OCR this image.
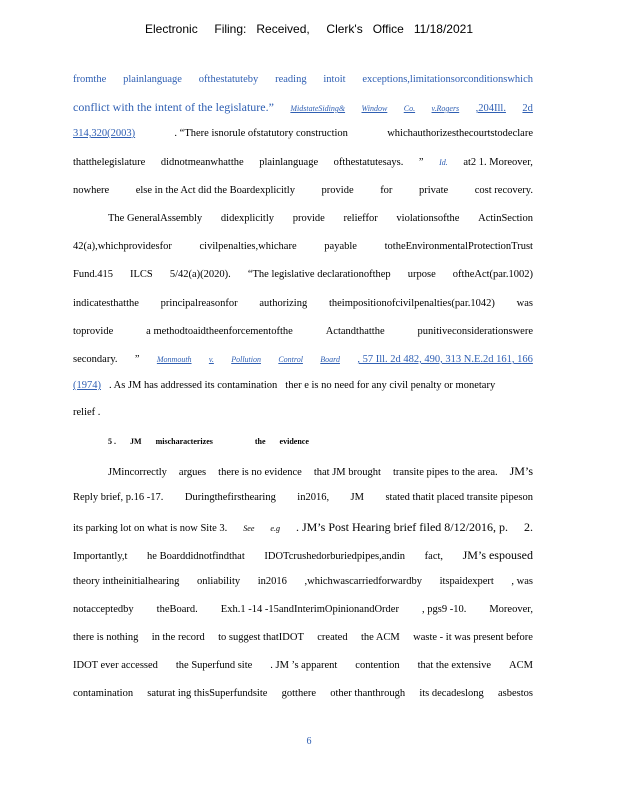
Electronic     Filing:   Received,     Clerk's   Office   11/18/2021
fromthe plainlanguage ofthestatuteby reading intoit exceptions,limitationsorconditionswhich
conflict with the intent of the legislature.” MidstateSiding& Window Co. v.Rogers ,204Ill. 2d
314,320(2003)	. “There isnorule ofstatutory construction	whichauthorizesthecourtstodeclare
thatthelegislature didnotmeanwhatthe plainlanguage ofthestatutesays. ” Id. at2 1. Moreover,
nowhere	else in the Act did the Boardexplicitly	provide	for	private	cost recovery.
The GeneralAssembly didexplicitly provide relieffor violationsofthe ActinSection
42(a),whichprovidesfor	civilpenalties,whichare	payable	totheEnvironmentalProtectionTrust
Fund.415 ILCS 5/42(a)(2020). “The legislative declarationofthep urpose oftheAct(par.1002)
indicatesthatthe principalreasonfor authorizing theimpositionofcivilpenalties(par.1042) was
toprovide	a methodtoaidtheenforcementofthe	Actandthatthe	punitiveconsiderationswere
secondary. ” Monmouth v. Pollution Control Board , 57 Ill. 2d 482, 490, 313 N.E.2d 161, 166
(1974) . As JM has addressed its contamination ther e is no need for any civil penalty or monetary
relief .
5 . JM mischaracterizes	the evidence
JMincorrectly argues there is no evidence that JM brought transite pipes to the area. JM’s
Reply brief, p.16 -17. Duringthefirsthearing in2016, JM stated thatit placed transite pipeson
its parking lot on what is now Site 3. See e.g . JM’s Post Hearing brief filed 8/12/2016, p. 2.
Importantly,t he Boarddidnotfindthat IDOTcrushedorburiedpipes,andin fact, JM’s espoused
theory intheinitialhearing onliability in2016 ,whichwascarriedforwardby itspaidexpert , was
notacceptedby theBoard. Exh.1 -14 -15andInterimOpinionandOrder , pgs9 -10. Moreover,
there is nothing in the record to suggest thatIDOT created the ACM waste - it was present before
IDOT ever accessed the Superfund site . JM ’s apparent contention that the extensive ACM
contamination saturat ing thisSuperfundsite gotthere other thanthrough its decadeslong asbestos
6
